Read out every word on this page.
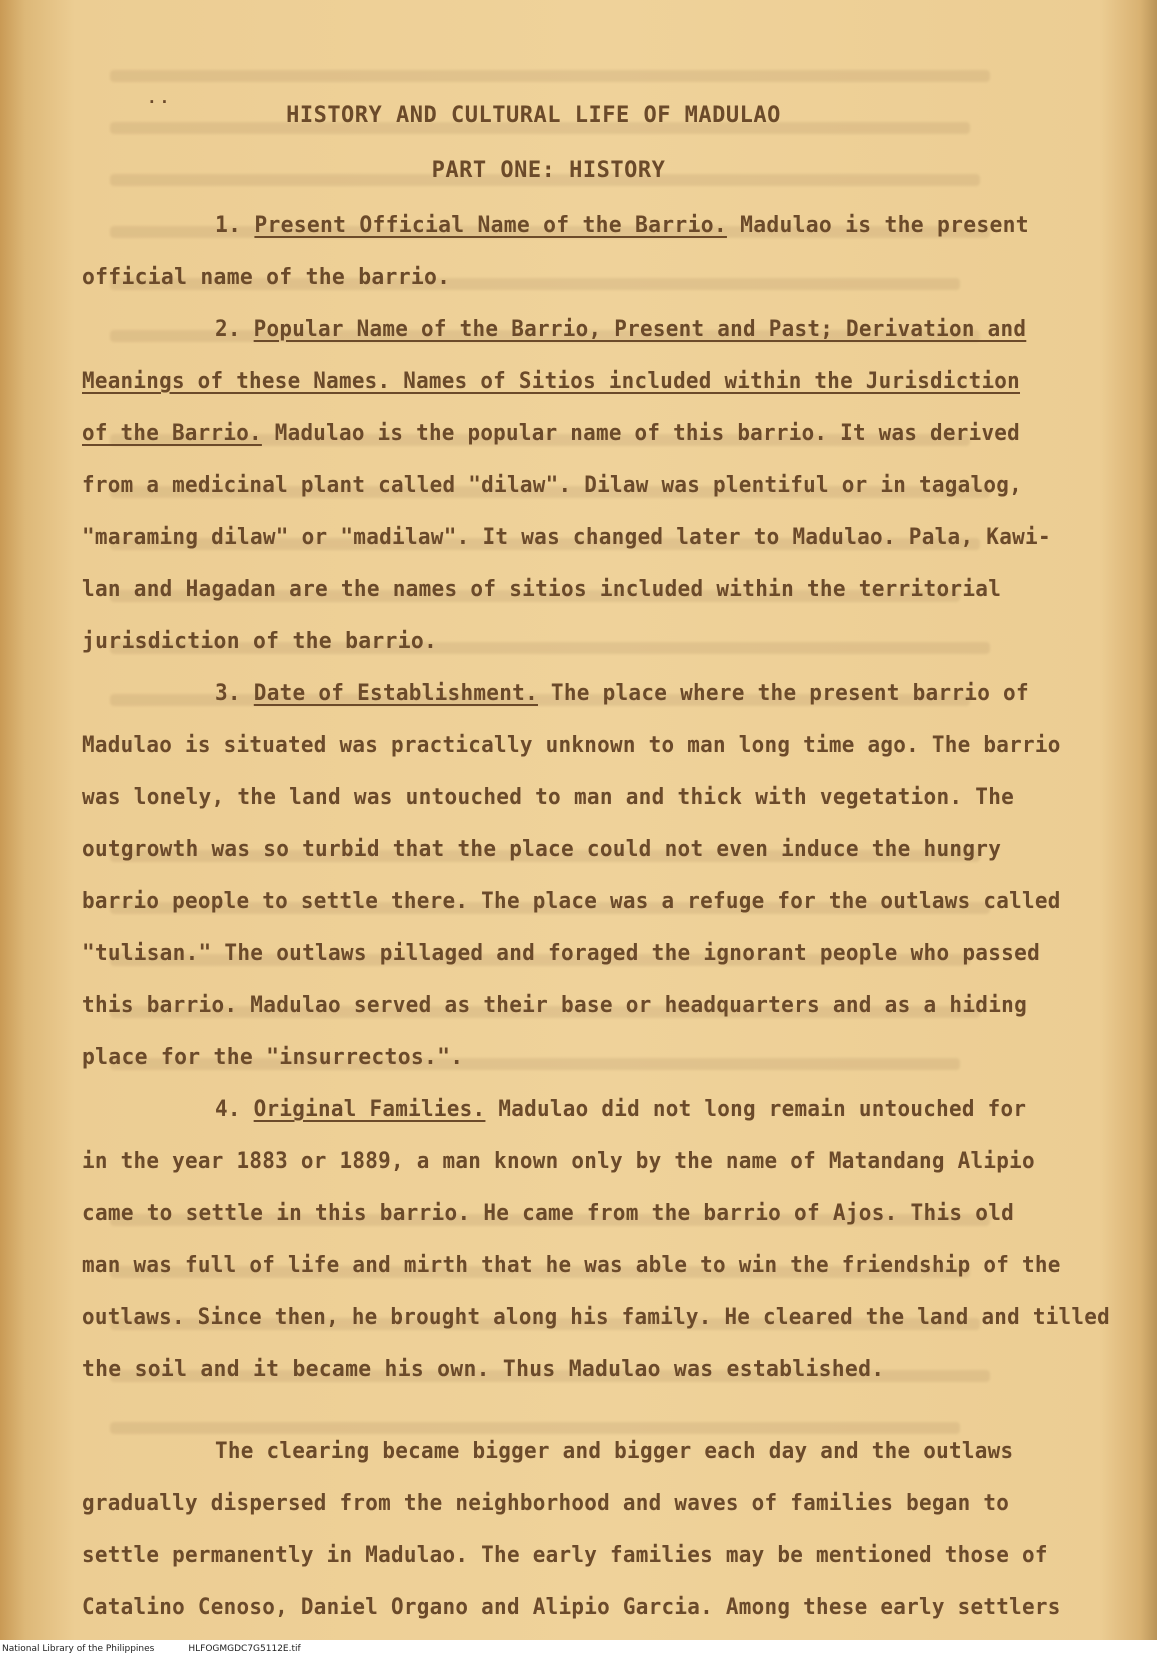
··
HISTORY AND CULTURAL LIFE OF MADULAO
PART ONE: HISTORY
1. Present Official Name of the Barrio. Madulao is the present
official name of the barrio.
2. Popular Name of the Barrio, Present and Past; Derivation and
Meanings of these Names. Names of Sitios included within the Jurisdiction
of the Barrio. Madulao is the popular name of this barrio. It was derived
from a medicinal plant called "dilaw". Dilaw was plentiful or in tagalog,
"maraming dilaw" or "madilaw". It was changed later to Madulao. Pala, Kawi-
lan and Hagadan are the names of sitios included within the territorial
jurisdiction of the barrio.
3. Date of Establishment. The place where the present barrio of
Madulao is situated was practically unknown to man long time ago. The barrio
was lonely, the land was untouched to man and thick with vegetation. The
outgrowth was so turbid that the place could not even induce the hungry
barrio people to settle there. The place was a refuge for the outlaws called
"tulisan." The outlaws pillaged and foraged the ignorant people who passed
this barrio. Madulao served as their base or headquarters and as a hiding
place for the "insurrectos.".
4. Original Families. Madulao did not long remain untouched for
in the year 1883 or 1889, a man known only by the name of Matandang Alipio
came to settle in this barrio. He came from the barrio of Ajos. This old
man was full of life and mirth that he was able to win the friendship of the
outlaws. Since then, he brought along his family. He cleared the land and tilled
the soil and it became his own. Thus Madulao was established.
The clearing became bigger and bigger each day and the outlaws
gradually dispersed from the neighborhood and waves of families began to
settle permanently in Madulao. The early families may be mentioned those of
Catalino Cenoso, Daniel Organo and Alipio Garcia. Among these early settlers
National Library of the Philippines	HLFOGMGDC7G5112E.tif
